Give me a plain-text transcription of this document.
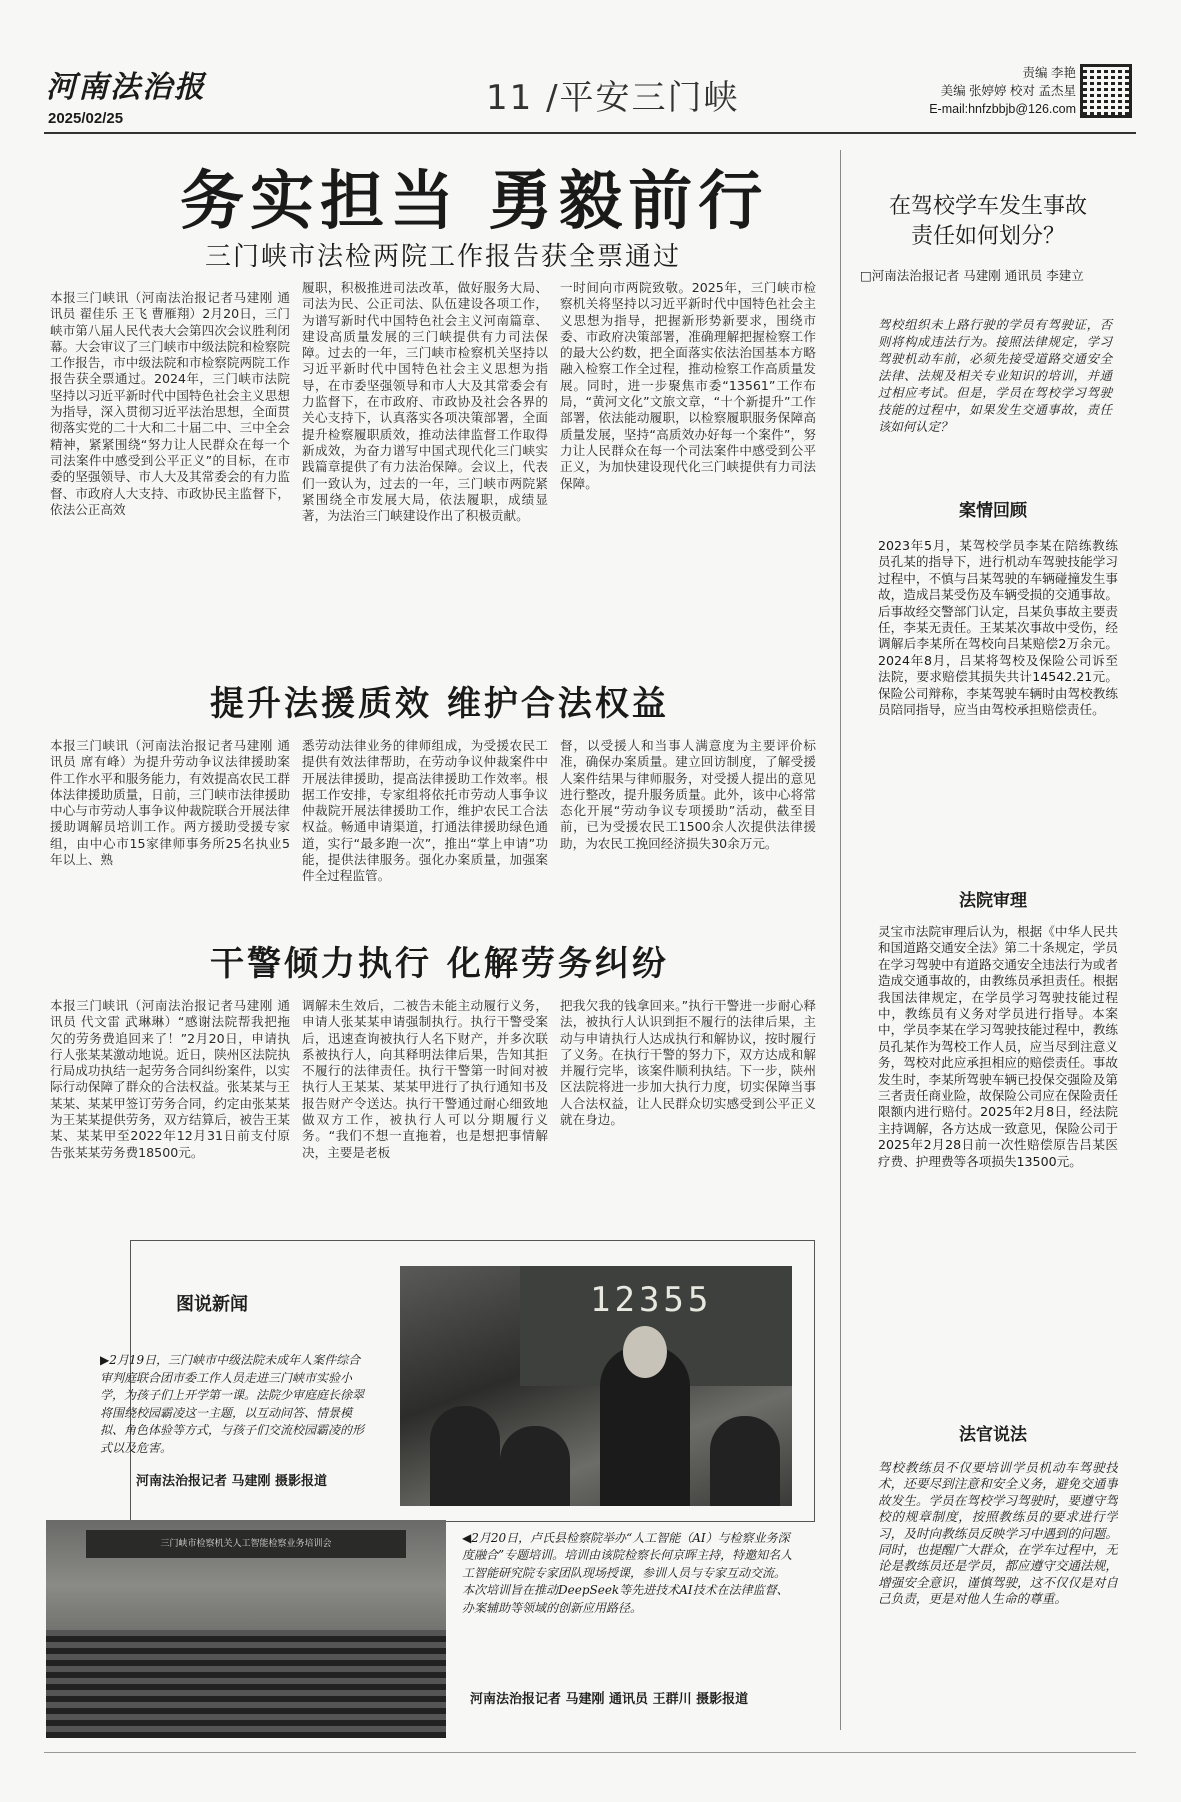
河南法治报
2025/02/25
11 /平安三门峡
责编 李艳
美编 张婷婷 校对 孟杰星
E-mail:hnfzbbjb@126.com
务实担当 勇毅前行
三门峡市法检两院工作报告获全票通过
本报三门峡讯（河南法治报记者马建刚 通讯员 翟佳乐 王飞 曹雁翔）2月20日，三门峡市第八届人民代表大会第四次会议胜利闭幕。大会审议了三门峡市中级法院和检察院工作报告，市中级法院和市检察院两院工作报告获全票通过。2024年，三门峡市法院坚持以习近平新时代中国特色社会主义思想为指导，深入贯彻习近平法治思想，全面贯彻落实党的二十大和二十届二中、三中全会精神，紧紧围绕“努力让人民群众在每一个司法案件中感受到公平正义”的目标，在市委的坚强领导、市人大及其常委会的有力监督、市政府人大支持、市政协民主监督下，依法公正高效
履职，积极推进司法改革，做好服务大局、司法为民、公正司法、队伍建设各项工作，为谱写新时代中国特色社会主义河南篇章、建设高质量发展的三门峡提供有力司法保障。过去的一年，三门峡市检察机关坚持以习近平新时代中国特色社会主义思想为指导，在市委坚强领导和市人大及其常委会有力监督下，在市政府、市政协及社会各界的关心支持下，认真落实各项决策部署，全面提升检察履职质效，推动法律监督工作取得新成效，为奋力谱写中国式现代化三门峡实践篇章提供了有力法治保障。会议上，代表们一致认为，过去的一年，三门峡市两院紧紧围绕全市发展大局，依法履职，成绩显著，为法治三门峡建设作出了积极贡献。
一时间向市两院致敬。2025年，三门峡市检察机关将坚持以习近平新时代中国特色社会主义思想为指导，把握新形势新要求，围绕市委、市政府决策部署，准确理解把握检察工作的最大公约数，把全面落实依法治国基本方略融入检察工作全过程，推动检察工作高质量发展。同时，进一步聚焦市委“13561”工作布局，“黄河文化”文旅文章，“十个新提升”工作部署，依法能动履职，以检察履职服务保障高质量发展，坚持“高质效办好每一个案件”，努力让人民群众在每一个司法案件中感受到公平正义，为加快建设现代化三门峡提供有力司法保障。
提升法援质效 维护合法权益
本报三门峡讯（河南法治报记者马建刚 通讯员 席有峰）为提升劳动争议法律援助案件工作水平和服务能力，有效提高农民工群体法律援助质量，日前，三门峡市法律援助中心与市劳动人事争议仲裁院联合开展法律援助调解员培训工作。两方援助受援专家组，由中心市15家律师事务所25名执业5年以上、熟
悉劳动法律业务的律师组成，为受援农民工提供有效法律帮助，在劳动争议仲裁案件中开展法律援助，提高法律援助工作效率。根据工作安排，专家组将依托市劳动人事争议仲裁院开展法律援助工作，维护农民工合法权益。畅通申请渠道，打通法律援助绿色通道，实行“最多跑一次”，推出“掌上申请”功能，提供法律服务。强化办案质量，加强案件全过程监管。
督，以受援人和当事人满意度为主要评价标准，确保办案质量。建立回访制度，了解受援人案件结果与律师服务，对受援人提出的意见进行整改，提升服务质量。此外，该中心将常态化开展“劳动争议专项援助”活动，截至目前，已为受援农民工1500余人次提供法律援助，为农民工挽回经济损失30余万元。
干警倾力执行 化解劳务纠纷
本报三门峡讯（河南法治报记者马建刚 通讯员 代文雷 武琳琳）“感谢法院帮我把拖欠的劳务费追回来了！”2月20日，申请执行人张某某激动地说。近日，陕州区法院执行局成功执结一起劳务合同纠纷案件，以实际行动保障了群众的合法权益。张某某与王某某、某某甲签订劳务合同，约定由张某某为王某某提供劳务，双方结算后，被告王某某、某某甲至2022年12月31日前支付原告张某某劳务费18500元。
调解未生效后，二被告未能主动履行义务，申请人张某某申请强制执行。执行干警受案后，迅速查询被执行人名下财产，并多次联系被执行人，向其释明法律后果，告知其拒不履行的法律责任。执行干警第一时间对被执行人王某某、某某甲进行了执行通知书及报告财产令送达。执行干警通过耐心细致地做双方工作，被执行人可以分期履行义务。“我们不想一直拖着，也是想把事情解决，主要是老板
把我欠我的钱拿回来。”执行干警进一步耐心释法，被执行人认识到拒不履行的法律后果，主动与申请执行人达成执行和解协议，按时履行了义务。在执行干警的努力下，双方达成和解并履行完毕，该案件顺利执结。下一步，陕州区法院将进一步加大执行力度，切实保障当事人合法权益，让人民群众切实感受到公平正义就在身边。
在驾校学车发生事故
责任如何划分？
□河南法治报记者 马建刚 通讯员 李建立
驾校组织未上路行驶的学员有驾驶证，否则将构成违法行为。接照法律规定，学习驾驶机动车前，必须先接受道路交通安全法律、法规及相关专业知识的培训，并通过相应考试。但是，学员在驾校学习驾驶技能的过程中，如果发生交通事故，责任该如何认定？
案情回顾
2023年5月，某驾校学员李某在陪练教练员孔某的指导下，进行机动车驾驶技能学习过程中，不慎与吕某驾驶的车辆碰撞发生事故，造成吕某受伤及车辆受损的交通事故。后事故经交警部门认定，吕某负事故主要责任，李某无责任。王某某次事故中受伤，经调解后李某所在驾校向吕某赔偿2万余元。2024年8月，吕某将驾校及保险公司诉至法院，要求赔偿其损失共计14542.21元。保险公司辩称，李某驾驶车辆时由驾校教练员陪同指导，应当由驾校承担赔偿责任。
法院审理
灵宝市法院审理后认为，根据《中华人民共和国道路交通安全法》第二十条规定，学员在学习驾驶中有道路交通安全违法行为或者造成交通事故的，由教练员承担责任。根据我国法律规定，在学员学习驾驶技能过程中，教练员有义务对学员进行指导。本案中，学员李某在学习驾驶技能过程中，教练员孔某作为驾校工作人员，应当尽到注意义务，驾校对此应承担相应的赔偿责任。事故发生时，李某所驾驶车辆已投保交强险及第三者责任商业险，故保险公司应在保险责任限额内进行赔付。2025年2月8日，经法院主持调解，各方达成一致意见，保险公司于2025年2月28日前一次性赔偿原告吕某医疗费、护理费等各项损失13500元。
法官说法
驾校教练员不仅要培训学员机动车驾驶技术，还要尽到注意和安全义务，避免交通事故发生。学员在驾校学习驾驶时，要遵守驾校的规章制度，按照教练员的要求进行学习，及时向教练员反映学习中遇到的问题。同时，也提醒广大群众，在学车过程中，无论是教练员还是学员，都应遵守交通法规，增强安全意识，谨慎驾驶，这不仅仅是对自己负责，更是对他人生命的尊重。
图说新闻
▶2月19日，三门峡市中级法院未成年人案件综合审判庭联合团市委工作人员走进三门峡市实验小学，为孩子们上开学第一课。法院少审庭庭长徐翠将围绕校园霸凌这一主题，以互动问答、情景模拟、角色体验等方式，与孩子们交流校园霸凌的形式以及危害。
河南法治报记者 马建刚 摄影报道
12355
三门峡市检察机关人工智能检察业务培训会	◀2月20日，卢氏县检察院举办“人工智能（AI）与检察业务深度融合”专题培训。培训由该院检察长何京晖主持，特邀知名人工智能研究院专家团队现场授课，参训人员与专家互动交流。本次培训旨在推动DeepSeek等先进技术AI技术在法律监督、办案辅助等领域的创新应用路径。
河南法治报记者 马建刚 通讯员 王群川 摄影报道
